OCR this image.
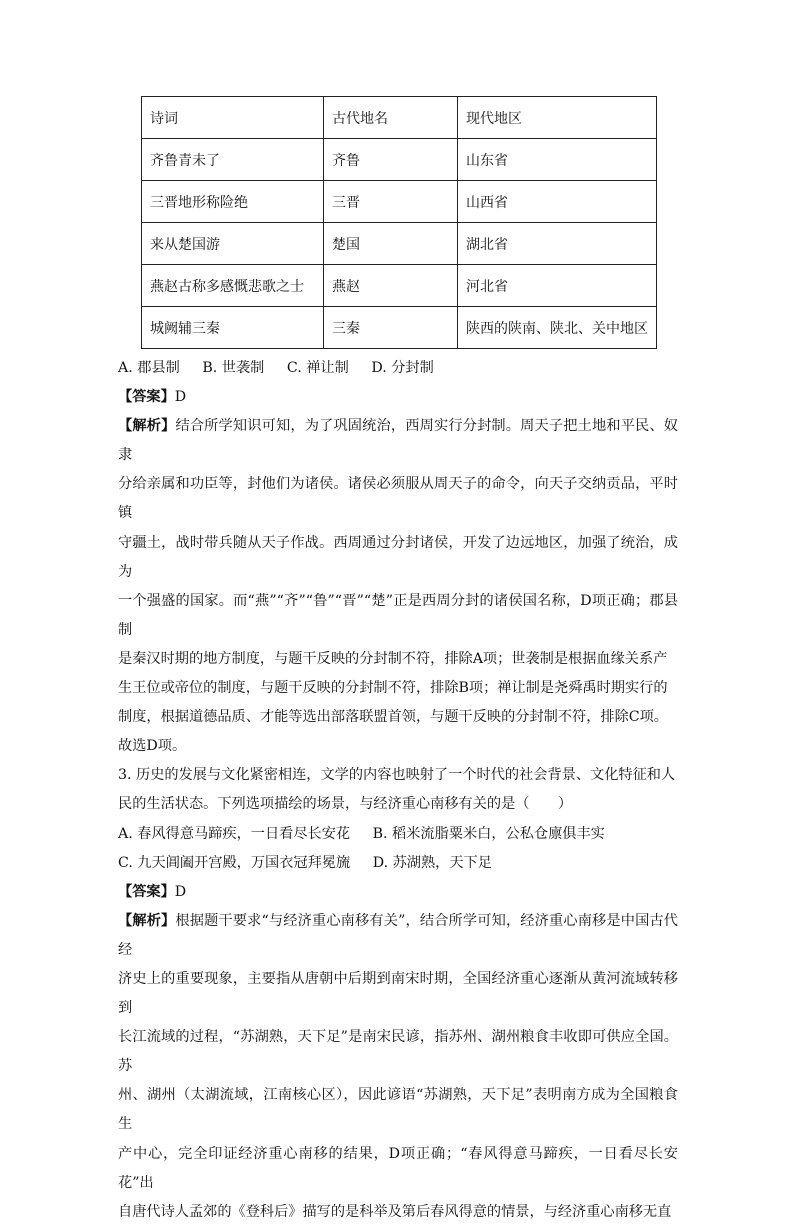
诗词	古代地名	现代地区
齐鲁青未了	齐鲁	山东省
三晋地形称险绝	三晋	山西省
来从楚国游	楚国	湖北省
燕赵古称多感慨悲歌之士	燕赵	河北省
城阙辅三秦	三秦	陕西的陕南、陕北、关中地区

A. 郡县制 B. 世袭制 C. 禅让制 D. 分封制

【答案】D

【解析】结合所学知识可知，为了巩固统治，西周实行分封制。周天子把土地和平民、奴隶

分给亲属和功臣等，封他们为诸侯。诸侯必须服从周天子的命令，向天子交纳贡品，平时镇

守疆土，战时带兵随从天子作战。西周通过分封诸侯，开发了边远地区，加强了统治，成为

一个强盛的国家。而“燕”“齐”“鲁”“晋”“楚”正是西周分封的诸侯国名称，D项正确；郡县制

是秦汉时期的地方制度，与题干反映的分封制不符，排除A项；世袭制是根据血缘关系产

生王位或帝位的制度，与题干反映的分封制不符，排除B项；禅让制是尧舜禹时期实行的

制度，根据道德品质、才能等选出部落联盟首领，与题干反映的分封制不符，排除C项。

故选D项。

3. 历史的发展与文化紧密相连，文学的内容也映射了一个时代的社会背景、文化特征和人

民的生活状态。下列选项描绘的场景，与经济重心南移有关的是（　　）

A. 春风得意马蹄疾，一日看尽长安花 B. 稻米流脂粟米白，公私仓廪俱丰实

C. 九天阊阖开宫殿，万国衣冠拜冕旒 D. 苏湖熟，天下足

【答案】D

【解析】根据题干要求“与经济重心南移有关”，结合所学可知，经济重心南移是中国古代经

济史上的重要现象，主要指从唐朝中后期到南宋时期，全国经济重心逐渐从黄河流域转移到

长江流域的过程，“苏湖熟，天下足”是南宋民谚，指苏州、湖州粮食丰收即可供应全国。苏

州、湖州（太湖流域，江南核心区），因此谚语“苏湖熟，天下足”表明南方成为全国粮食生

产中心，完全印证经济重心南移的结果，D项正确；“春风得意马蹄疾，一日看尽长安花”出

自唐代诗人孟郊的《登科后》描写的是科举及第后春风得意的情景，与经济重心南移无直
